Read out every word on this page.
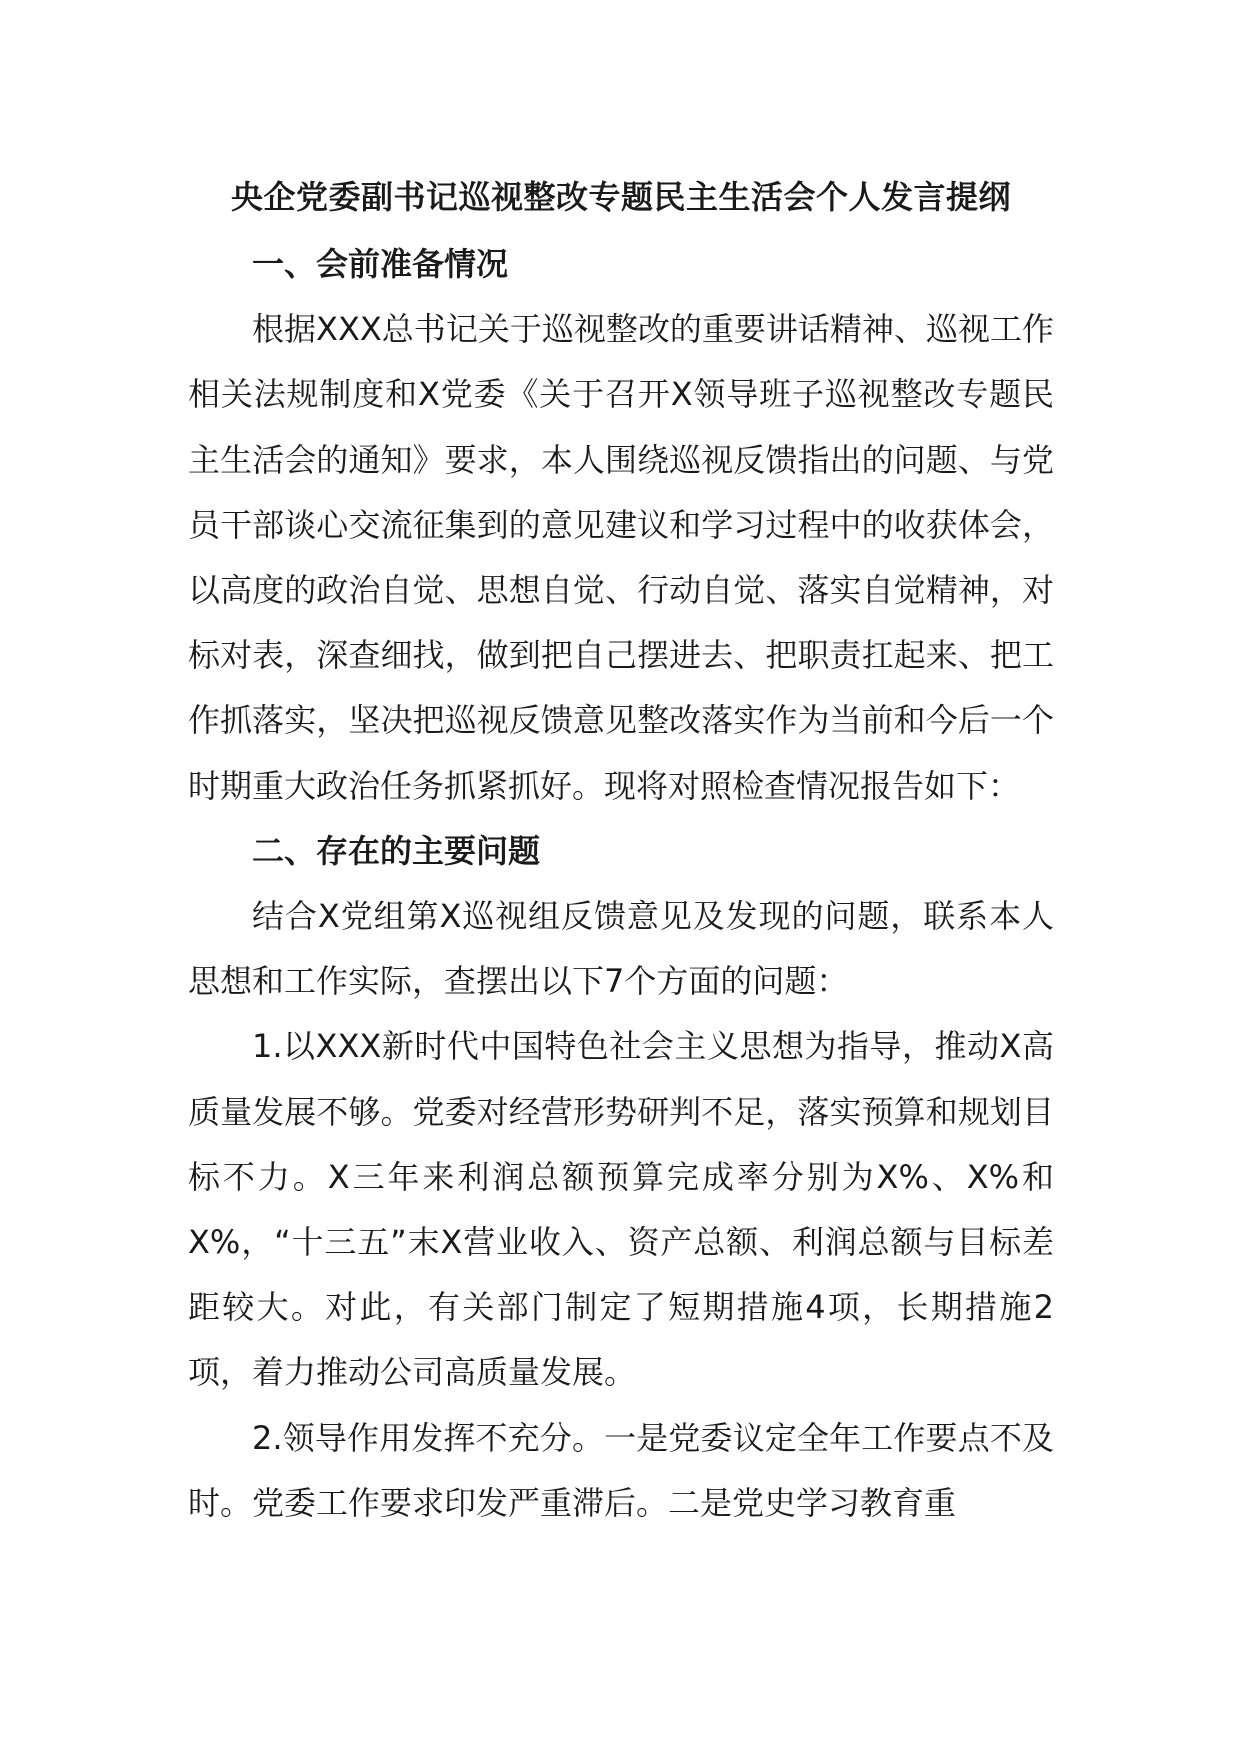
央企党委副书记巡视整改专题民主生活会个人发言提纲

一、会前准备情况

根据XXX总书记关于巡视整改的重要讲话精神、巡视工作相关法规制度和X党委《关于召开X领导班子巡视整改专题民主生活会的通知》要求，本人围绕巡视反馈指出的问题、与党员干部谈心交流征集到的意见建议和学习过程中的收获体会，以高度的政治自觉、思想自觉、行动自觉、落实自觉精神，对标对表，深查细找，做到把自己摆进去、把职责扛起来、把工作抓落实，坚决把巡视反馈意见整改落实作为当前和今后一个时期重大政治任务抓紧抓好。现将对照检查情况报告如下：

二、存在的主要问题

结合X党组第X巡视组反馈意见及发现的问题，联系本人思想和工作实际，查摆出以下7个方面的问题：

1.以XXX新时代中国特色社会主义思想为指导，推动X高质量发展不够。党委对经营形势研判不足，落实预算和规划目标不力。X三年来利润总额预算完成率分别为X%、X%和X%，“十三五”末X营业收入、资产总额、利润总额与目标差距较大。对此，有关部门制定了短期措施4项，长期措施2项，着力推动公司高质量发展。

2.领导作用发挥不充分。一是党委议定全年工作要点不及时。党委工作要求印发严重滞后。二是党史学习教育重
